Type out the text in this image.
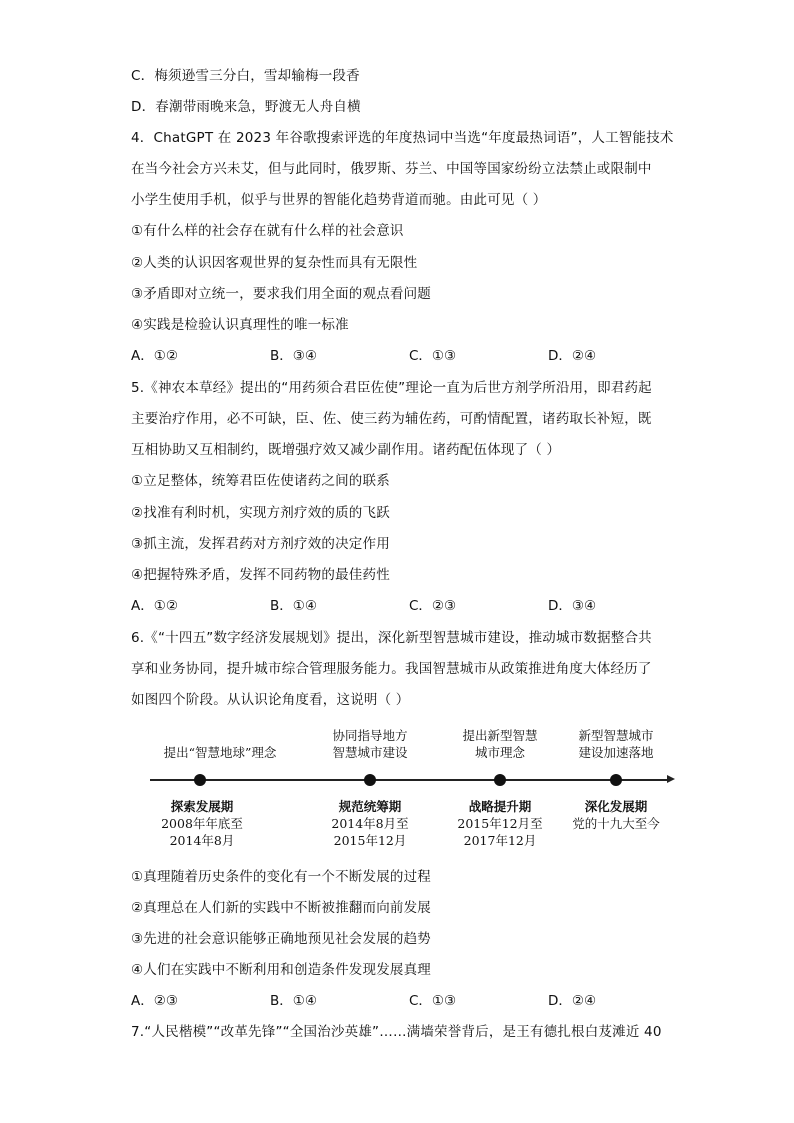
C．梅须逊雪三分白，雪却输梅一段香
D．春潮带雨晚来急，野渡无人舟自横
4．ChatGPT 在 2023 年谷歌搜索评选的年度热词中当选“年度最热词语”，人工智能技术
在当今社会方兴未艾，但与此同时，俄罗斯、芬兰、中国等国家纷纷立法禁止或限制中
小学生使用手机，似乎与世界的智能化趋势背道而驰。由此可见（ ）
①有什么样的社会存在就有什么样的社会意识
②人类的认识因客观世界的复杂性而具有无限性
③矛盾即对立统一，要求我们用全面的观点看问题
④实践是检验认识真理性的唯一标准
A．①②	B．③④	C．①③	D．②④
5.《神农本草经》提出的“用药须合君臣佐使”理论一直为后世方剂学所沿用，即君药起
主要治疗作用，必不可缺，臣、佐、使三药为辅佐药，可酌情配置，诸药取长补短，既
互相协助又互相制约，既增强疗效又减少副作用。诸药配伍体现了（ ）
①立足整体，统筹君臣佐使诸药之间的联系
②找准有利时机，实现方剂疗效的质的飞跃
③抓主流，发挥君药对方剂疗效的决定作用
④把握特殊矛盾，发挥不同药物的最佳药性
A．①②	B．①④	C．②③	D．③④
6.《“十四五”数字经济发展规划》提出，深化新型智慧城市建设，推动城市数据整合共
享和业务协同，提升城市综合管理服务能力。我国智慧城市从政策推进角度大体经历了
如图四个阶段。从认识论角度看，这说明（ ）
提出“智慧地球”理念
协同指导地方
智慧城市建设
提出新型智慧
城市理念
新型智慧城市
建设加速落地
探索发展期
2008年年底至
2014年8月
规范统筹期
2014年8月至
2015年12月
战略提升期
2015年12月至
2017年12月
深化发展期
党的十九大至今
①真理随着历史条件的变化有一个不断发展的过程
②真理总在人们新的实践中不断被推翻而向前发展
③先进的社会意识能够正确地预见社会发展的趋势
④人们在实践中不断利用和创造条件发现发展真理
A．②③	B．①④	C．①③	D．②④
7.“人民楷模”“改革先锋”“全国治沙英雄”……满墙荣誉背后，是王有德扎根白芨滩近 40
